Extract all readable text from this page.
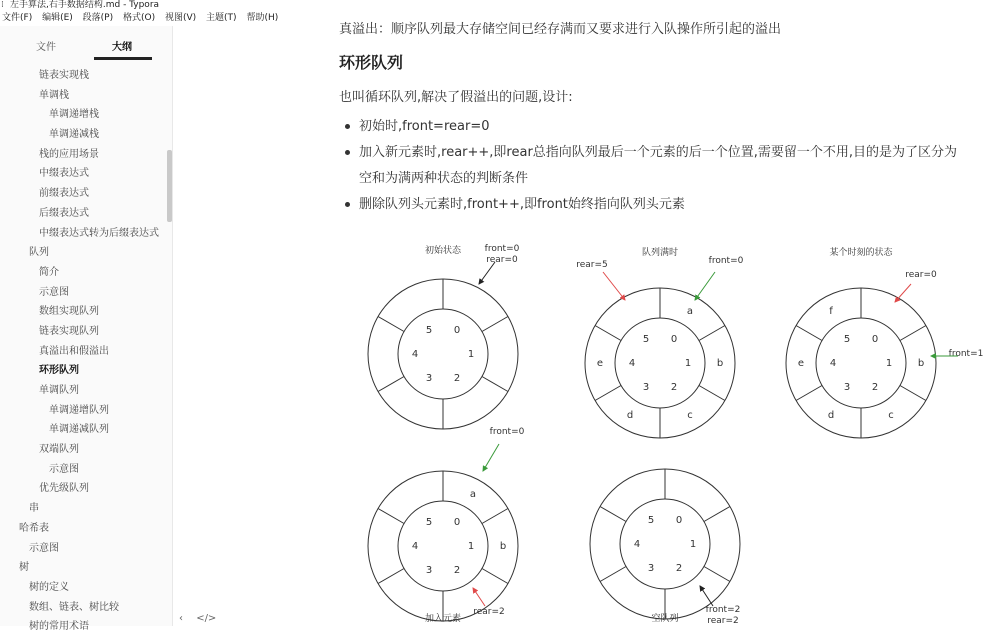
⁞ 左手算法,右手数据结构.md - Typora
文件(F) 编辑(E) 段落(P) 格式(O) 视图(V) 主题(T) 帮助(H)
文件	大纲
链表实现栈
单调栈
单调递增栈
单调递减栈
栈的应用场景
中缀表达式
前缀表达式
后缀表达式
中缀表达式转为后缀表达式
队列
简介
示意图
数组实现队列
链表实现队列
真溢出和假溢出
环形队列
单调队列
单调递增队列
单调递减队列
双端队列
示意图
优先级队列
串
哈希表
示意图
树
树的定义
数组、链表、树比较
树的常用术语
真溢出：顺序队列最大存储空间已经存满而又要求进行入队操作所引起的溢出
环形队列
也叫循环队列,解决了假溢出的问题,设计:
初始时,front=rear=0
加入新元素时,rear++,即rear总指向队列最后一个元素的后一个位置,需要留一个不用,目的是为了区分为空和为满两种状态的判断条件
删除队列头元素时,front++,即front始终指向队列头元素
0
1
2
3
4
5
初始状态	front=0
rear=0
a
b
c
d
e
0
1
2
3
4
5
队列满时
rear=5	front=0
b
c
d
e
f
0
1
2
3
4
5
某个时刻的状态
rear=0
front=1
a
b
0
1
2
3
4
5
加入元素
front=0
rear=2
0
1
2
3
4
5
空队列
front=2
rear=2
‹ </>
